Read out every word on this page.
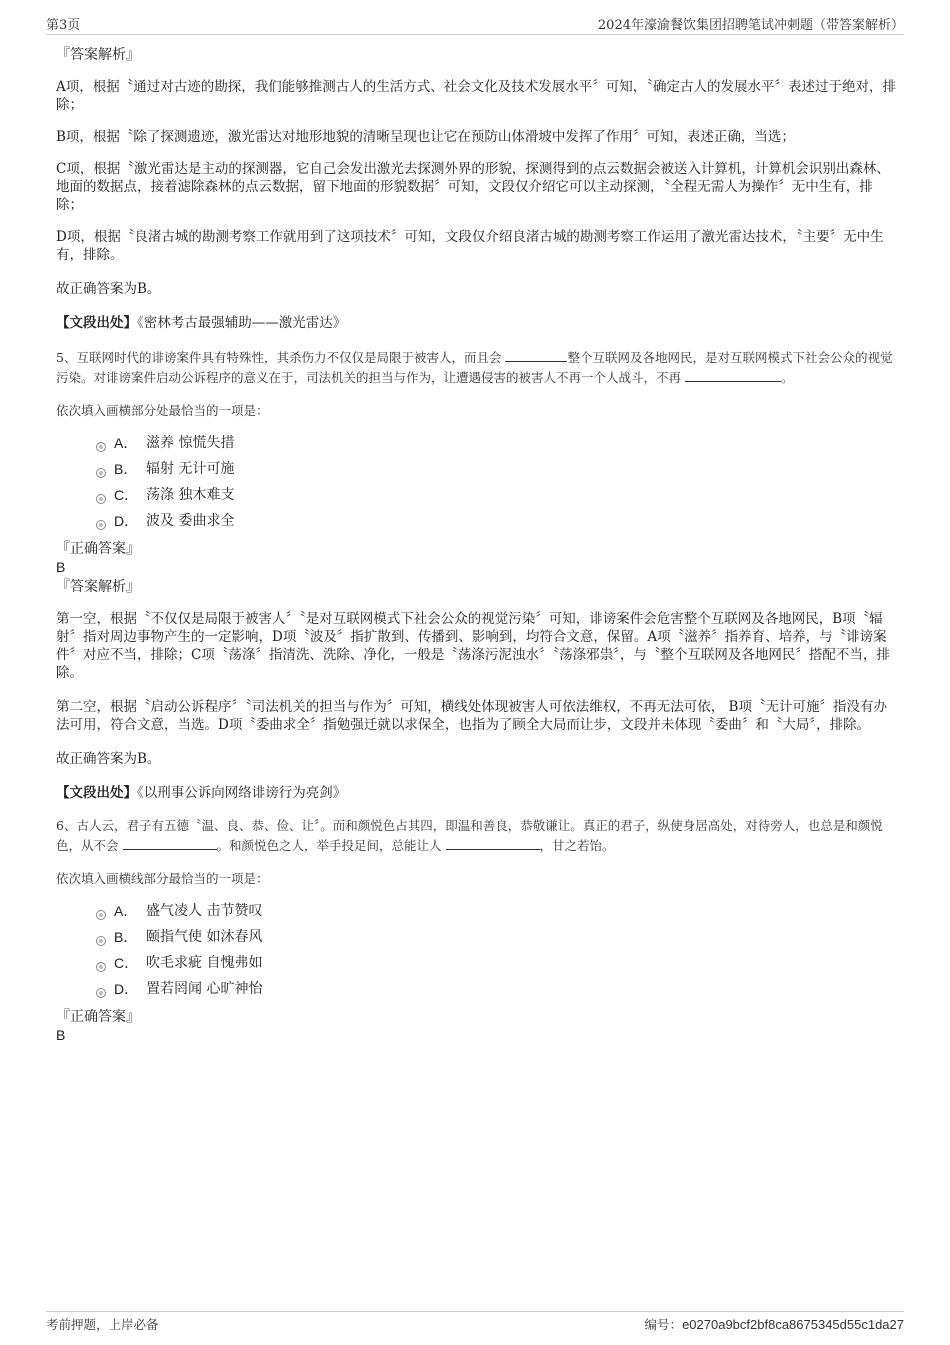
第3页	2024年濠渝餐饮集团招聘笔试冲刺题（带答案解析）

『答案解析』

A项，根据〝通过对古迹的勘探，我们能够推测古人的生活方式、社会文化及技术发展水平〞可知，〝确定古人的发展水平〞表述过于绝对，排除；

B项，根据〝除了探测遗迹，激光雷达对地形地貌的清晰呈现也让它在预防山体滑坡中发挥了作用〞可知，表述正确，当选；

C项，根据〝激光雷达是主动的探测器，它自己会发出激光去探测外界的形貌，探测得到的点云数据会被送入计算机，计算机会识别出森林、地面的数据点，接着滤除森林的点云数据，留下地面的形貌数据〞可知，文段仅介绍它可以主动探测，〝全程无需人为操作〞无中生有，排除；

D项，根据〝良渚古城的勘测考察工作就用到了这项技术〞可知，文段仅介绍良渚古城的勘测考察工作运用了激光雷达技术，〝主要〞无中生有，排除。

故正确答案为B。

【文段出处】《密林考古最强辅助——激光雷达》

5、互联网时代的诽谤案件具有特殊性，其杀伤力不仅仅是局限于被害人，而且会	整个互联网及各地网民，是对互联网模式下社会公众的视觉污染。对诽谤案件启动公诉程序的意义在于，司法机关的担当与作为，让遭遇侵害的被害人不再一个人战斗，不再	。

依次填入画横部分处最恰当的一项是：

A． 滋养 惊慌失措
B． 辐射 无计可施
C． 荡涤 独木难支
D． 波及 委曲求全

『正确答案』

B

『答案解析』

第一空，根据〝不仅仅是局限于被害人〞〝是对互联网模式下社会公众的视觉污染〞可知，诽谤案件会危害整个互联网及各地网民，B项〝辐射〞指对周边事物产生的一定影响，D项〝波及〞指扩散到、传播到、影响到，均符合文意，保留。A项〝滋养〞指养育、培养，与〝诽谤案件〞对应不当，排除；C项〝荡涤〞指清洗、洗除、净化，一般是〝荡涤污泥浊水〞〝荡涤邪祟〞，与〝整个互联网及各地网民〞搭配不当，排除。

第二空，根据〝启动公诉程序〞〝司法机关的担当与作为〞可知，横线处体现被害人可依法维权，不再无法可依， B项〝无计可施〞指没有办法可用，符合文意，当选。D项〝委曲求全〞指勉强迁就以求保全，也指为了顾全大局而让步，文段并未体现〝委曲〞和〝大局〞，排除。

故正确答案为B。

【文段出处】《以刑事公诉向网络诽谤行为亮剑》

6、古人云，君子有五德〝温、良、恭、俭、让〞。而和颜悦色占其四，即温和善良，恭敬谦让。真正的君子，纵使身居高处，对待旁人，也总是和颜悦色，从不会	。和颜悦色之人，举手投足间，总能让人	，甘之若饴。

依次填入画横线部分最恰当的一项是：

A． 盛气凌人 击节赞叹
B． 颐指气使 如沐春风
C． 吹毛求疵 自愧弗如
D． 置若罔闻 心旷神怡

『正确答案』

B

考前押题，上岸必备	编号：e0270a9bcf2bf8ca8675345d55c1da27
